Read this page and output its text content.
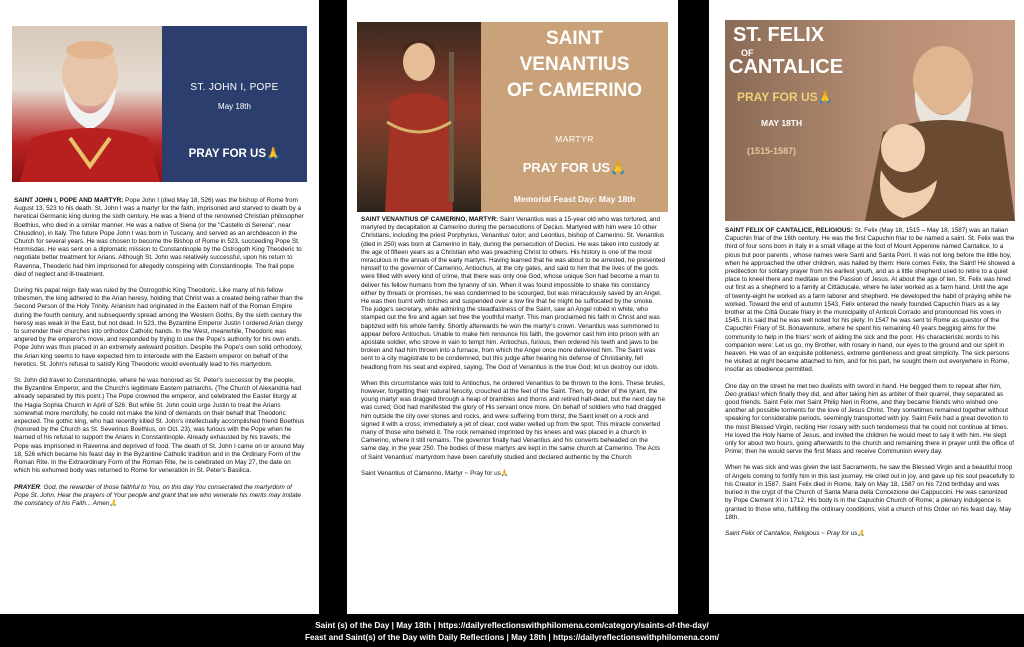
ST. JOHN I, POPE
May 18th
PRAY FOR US🙏

SAINT JOHN I, POPE AND MARTYR: Pope John I (died May 18, 526) was the bishop of Rome from August 13, 523 to his death. St. John I was a martyr for the faith, imprisoned and starved to death by a heretical Germanic king during the sixth century. He was a friend of the renowned Christian philosopher Boethius, who died in a similar manner. He was a native of Siena (or the "Castello di Serena", near Chiusdino), in Italy. The future Pope John I was born in Tuscany, and served as an archdeacon in the Church for several years. He was chosen to become the Bishop of Rome in 523, succeeding Pope St. Hormisdas. He was sent on a diplomatic mission to Constantinople by the Ostrogoth King Theoderic to negotiate better treatment for Arians. Although St. John was relatively successful, upon his return to Ravenna, Theoderic had him imprisoned for allegedly conspiring with Constantinople. The frail pope died of neglect and ill-treatment.

During his papal reign Italy was ruled by the Ostrogothic King Theodoric. Like many of his fellow tribesmen, the king adhered to the Arian heresy, holding that Christ was a created being rather than the Second Person of the Holy Trinity. Arianism had originated in the Eastern half of the Roman Empire during the fourth century, and subsequently spread among the Western Goths. By the sixth century the heresy was weak in the East, but not dead. In 523, the Byzantine Emperor Justin I ordered Arian clergy to surrender their churches into orthodox Catholic hands. In the West, meanwhile, Theodoric was angered by the emperor's move, and responded by trying to use the Pope's authority for his own ends. Pope John was thus placed in an extremely awkward position. Despite the Pope's own solid orthodoxy, the Arian king seems to have expected him to intercede with the Eastern emperor on behalf of the heretics. St. John's refusal to satisfy King Theodoric would eventually lead to his martyrdom.

St. John did travel to Constantinople, where he was honored as St. Peter's successor by the people, the Byzantine Emperor, and the Church's legitimate Eastern patriarchs. (The Church of Alexandria had already separated by this point.) The Pope crowned the emperor, and celebrated the Easter liturgy at the Hagia Sophia Church in April of 526. But while St. John could urge Justin to treat the Arians somewhat more mercifully, he could not make the kind of demands on their behalf that Theodoric expected. The gothic king, who had recently killed St. John's intellectually accomplished friend Boethius (honored by the Church as St. Severinus Boethius, on Oct. 23), was furious with the Pope when he learned of his refusal to support the Arians in Constantinople. Already exhausted by his travels, the Pope was imprisoned in Ravenna and deprived of food. The death of St. John I came on or around May 18, 526 which became his feast day in the Byzantine Catholic tradition and in the Ordinary Form of the Roman Rite. In the Extraordinary Form of the Roman Rite, he is celebrated on May 27, the date on which his exhumed body was returned to Rome for veneration in St. Peter's Basilica.

PRAYER: God, the rewarder of those faithful to You, on this day You consecrated the martyrdom of Pope St. John. Hear the prayers of Your people and grant that we who venerate his merits may imitate the constancy of his Faith... Amen🙏

SAINT
VENANTIUS
OF CAMERINO
MARTYR
PRAY FOR US🙏
Memorial Feast Day: May 18th

SAINT VENANTIUS OF CAMERINO, MARTYR: Saint Venantius was a 15-year old who was tortured, and martyred by decapitation at Camerino during the persecutions of Decius. Martyred with him were 10 other Christians, including the priest Porphyrius, Venantius' tutor; and Leontius, bishop of Camerino. St. Venantius (died in 250) was born at Camerino in Italy, during the persecution of Decius. He was taken into custody at the age of fifteen years as a Christian who was preaching Christ to others. His history is one of the most miraculous in the annals of the early martyrs. Having learned that he was about to be arrested, he presented himself to the governor of Camerino, Antiochus, at the city gates, and said to him that the lives of the gods were filled with every kind of crime, that there was only one God, whose unique Son had become a man to deliver his fellow humans from the tyranny of sin. When it was found impossible to shake his constancy either by threats or promises, he was condemned to be scourged, but was miraculously saved by an Angel. He was then burnt with torches and suspended over a low fire that he might be suffocated by the smoke. The judge's secretary, while admiring the steadfastness of the Saint, saw an Angel robed in white, who stamped out the fire and again set free the youthful martyr. This man proclaimed his faith in Christ and was baptized with his whole family. Shortly afterwards he won the martyr's crown. Venantius was summoned to appear before Antiochus. Unable to make him renounce his faith, the governor cast him into prison with an apostate soldier, who strove in vain to tempt him. Antiochus, furious, then ordered his teeth and jaws to be broken and had him thrown into a furnace, from which the Angel once more delivered him. The Saint was sent to a city magistrate to be condemned, but this judge after hearing his defense of Christianity, fell headlong from his seat and expired, saying, The God of Venantius is the true God; let us destroy our idols.

When this circumstance was told to Antiochus, he ordered Venantius to be thrown to the lions. These brutes, however, forgetting their natural ferocity, crouched at the feet of the Saint. Then, by order of the tyrant, the young martyr was dragged through a heap of brambles and thorns and retired half-dead, but the next day he was cured; God had manifested the glory of His servant once more. On behalf of soldiers who had dragged him outside the city over stones and rocks, and were suffering from thirst, the Saint knelt on a rock and signed it with a cross; immediately a jet of clear, cool water welled up from the spot. This miracle converted many of those who beheld it. The rock remained imprinted by his knees and was placed in a church in Camerino, where it still remains. The governor finally had Venantius and his converts beheaded on the same day, in the year 250. The bodies of these martyrs are kept in the same church at Camerino. The Acts of Saint Venantius' martyrdom have been carefully studied and declared authentic by the Church

Saint Venantius of Camerino, Martyr ~ Pray for us🙏

ST. FELIX
OF
CANTALICE
PRAY FOR US🙏
MAY 18TH
(1515-1587)

SAINT FELIX OF CANTALICE, RELIGIOUS: St. Felix (May 18, 1515 – May 18, 1587) was an Italian Capuchin friar of the 16th century. He was the first Capuchin friar to be named a saint. St. Felix was the third of four sons born in Italy in a small village at the foot of Mount Appenine named Cantalice, to a pious but poor parents , whose names were Santi and Santa Porri. It was not long before the little boy, when he approached the other children, was hailed by them: Here comes Felix, the Saint! He showed a predilection for solitary prayer from his earliest youth, and as a little shepherd used to retire to a quiet place to kneel there and meditate on the Passion of Jesus. At about the age of ten, St. Felix was hired out first as a shepherd to a family at Cittàducale, where he later worked as a farm hand. Until the age of twenty-eight he worked as a farm laborer and shepherd. He developed the habit of praying while he worked. Toward the end of autumn 1543, Felix entered the newly founded Capuchin friars as a lay brother at the Città Ducale friary in the municipality of Anticoli Corrado and pronounced his vows in 1545. It is said that he was well noted for his piety. In 1547 he was sent to Rome as questor of the Capuchin Friary of St. Bonaventure, where he spent his remaining 40 years begging alms for the community to help in the friars' work of aiding the sick and the poor. His characteristic words to his companion were: Let us go, my Brother, with rosary in hand, our eyes to the ground and our spirit in heaven. He was of an exquisite politeness, extreme gentleness and great simplicity. The sick persons he visited at night became attached to him, and for his part, he sought them out everywhere in Rome, insofar as obedience permitted.

One day on the street he met two duelists with sword in hand. He begged them to repeat after him, Deo gratias! which finally they did, and after taking him as arbiter of their quarrel, they separated as good friends. Saint Felix met Saint Philip Neri in Rome, and they became friends who wished one another all possible torments for the love of Jesus Christ. They sometimes remained together without speaking for considerable periods, seemingly transported with joy. Saint Felix had a great devotion to the most Blessed Virgin, reciting Her rosary with such tenderness that he could not continue at times. He loved the Holy Name of Jesus, and invited the children he would meet to say it with him. He slept only for about two hours, going afterwards to the church and remaining there in prayer until the office of Prime; then he would serve the first Mass and receive Communion every day.

When he was sick and was given the last Sacraments, he saw the Blessed Virgin and a beautiful troop of Angels coming to fortify him in this last journey. He cried out in joy, and gave up his soul peacefully to his Creator in 1587. Saint Felix died in Rome, Italy on May 18, 1587 on his 72nd birthday and was buried in the crypt of the Church of Santa Maria della Concezione dei Cappuccini. He was canonized by Pope Clement XI in 1712. His body is in the Capuchin Church of Rome; a plenary indulgence is granted to those who, fulfilling the ordinary conditions, visit a church of his Order on his feast day, May 18th.

Saint Felix of Cantalice, Religious ~ Pray for us🙏

Saint (s) of the Day | May 18th | https://dailyreflectionswithphilomena.com/category/saints-of-the-day/
Feast and Saint(s) of the Day with Daily Reflections | May 18th | https://dailyreflectionswithphilomena.com/
